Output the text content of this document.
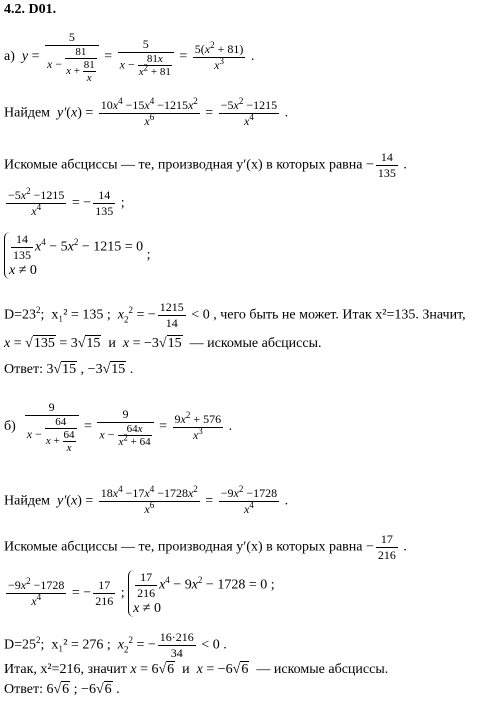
4.2. D01.
а) $y = \frac{5}{x - \frac{81}{x + \frac{81}{x}}} = \frac{5}{x - \frac{81x}{x^2 + 81}} = \frac{5(x^2 + 81)}{x^3}$ .
Найдем $y'(x) = \frac{10x^4 -15x^4 -1215x^2}{x^6} = \frac{-5x^2 -1215}{x^4}$ .
Искомые абсциссы — те, производная y′(x) в которых равна − $\frac{14}{135}$ .
$\frac{-5x^2 -1215}{x^4}$ = − $\frac{14}{135}$ ;
$\frac{14}{135} x^4 - 5x^2 - 1215 = 0$
x ≠ 0
;
$D=23^2$;  x₁² = 135 ; $x_2^2$ = − $\frac{1215}{14} < 0$ , чего быть не может. Итак x²=135. Значит,
x = √135 = 3√15  и  x = −3√15 — искомые абсциссы.
Ответ: 3√15 , −3√15 .
$б) \frac{9}{x - \frac{64}{x + \frac{64}{x}}} = \frac{9}{x - \frac{64x}{x^2 + 64}} = \frac{9x^2 + 576}{x^3}$ .
Найдем $y'(x) = \frac{18x^4 -17x^4 -1728x^2}{x^6} = \frac{-9x^2 -1728}{x^4}$ .
Искомые абсциссы — те, производная y′(x) в которых равна − $\frac{17}{216}$ .
$\frac{-9x^2 -1728}{x^4}$ = − $\frac{17}{216}$ ; $\frac{17}{216} x^4 - 9x^2 - 1728 = 0$ ;
x ≠ 0
$D=25^2$;  x₁² = 276 ; $x_2^2$ = − $\frac{16\cdot 216}{34} < 0$ .
Итак, x²=216, значит x = 6√6  и  x = −6√6 — искомые абсциссы.
Ответ: 6√6 ; −6√6 .
